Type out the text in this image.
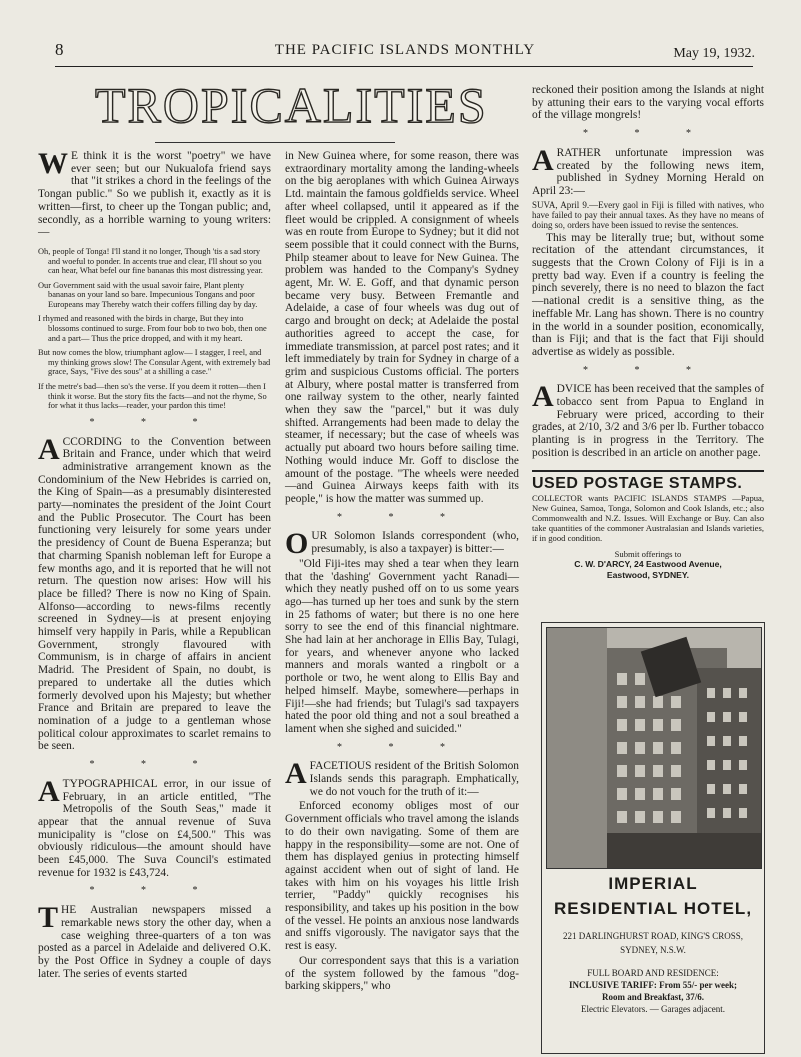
8	THE PACIFIC ISLANDS MONTHLY	May 19, 1932.
TROPICALITIES

W E think it is the worst "poetry" we have ever seen; but our Nukualofa friend says that "it strikes a chord in the feelings of the Tongan public." So we publish it, exactly as it is written—first, to cheer up the Tongan public; and, secondly, as a horrible warning to young writers:—

Oh, people of Tonga! I'll stand it no longer, Though 'tis a sad story and woeful to ponder. In accents true and clear, I'll shout so you can hear, What befel our fine bananas this most distressing year.

Our Government said with the usual savoir faire, Plant plenty bananas on your land so bare. Impecunious Tongans and poor Europeans may Thereby watch their coffers filling day by day.

I rhymed and reasoned with the birds in charge, But they into blossoms continued to surge. From four bob to two bob, then one and a part— Thus the price dropped, and with it my heart.

But now comes the blow, triumphant aglow— I stagger, I reel, and my thinking grows slow! The Consular Agent, with extremely bad grace, Says, "Five des sous" at a shilling a case."

If the metre's bad—then so's the verse. If you deem it rotten—then I think it worse. But the story fits the facts—and not the rhyme, So for what it thus lacks—reader, your pardon this time!

* * *

ACCORDING to the Convention between Britain and France, under which that weird administrative arrangement known as the Condominium of the New Hebrides is carried on, the King of Spain—as a presumably disinterested party—nominates the president of the Joint Court and the Public Prosecutor. The Court has been functioning very leisurely for some years under the presidency of Count de Buena Esperanza; but that charming Spanish nobleman left for Europe a few months ago, and it is reported that he will not return. The question now arises: How will his place be filled? There is now no King of Spain. Alfonso—according to news-films recently screened in Sydney—is at present enjoying himself very happily in Paris, while a Republican Government, strongly flavoured with Communism, is in charge of affairs in ancient Madrid. The President of Spain, no doubt, is prepared to undertake all the duties which formerly devolved upon his Majesty; but whether France and Britain are prepared to leave the nomination of a judge to a gentleman whose political colour approximates to scarlet remains to be seen.

* * *

ATYPOGRAPHICAL error, in our issue of February, in an article entitled, "The Metropolis of the South Seas," made it appear that the annual revenue of Suva municipality is "close on £4,500." This was obviously ridiculous—the amount should have been £45,000. The Suva Council's estimated revenue for 1932 is £43,724.

* * *

THE Australian newspapers missed a remarkable news story the other day, when a case weighing three-quarters of a ton was posted as a parcel in Adelaide and delivered O.K. by the Post Office in Sydney a couple of days later. The series of events started

in New Guinea where, for some reason, there was extraordinary mortality among the landing-wheels on the big aeroplanes with which Guinea Airways Ltd. maintain the famous goldfields service. Wheel after wheel collapsed, until it appeared as if the fleet would be crippled. A consignment of wheels was en route from Europe to Sydney; but it did not seem possible that it could connect with the Burns, Philp steamer about to leave for New Guinea. The problem was handed to the Company's Sydney agent, Mr. W. E. Goff, and that dynamic person became very busy. Between Fremantle and Adelaide, a case of four wheels was dug out of cargo and brought on deck; at Adelaide the postal authorities agreed to accept the case, for immediate transmission, at parcel post rates; and it left immediately by train for Sydney in charge of a grim and suspicious Customs official. The porters at Albury, where postal matter is transferred from one railway system to the other, nearly fainted when they saw the "parcel," but it was duly shifted. Arrangements had been made to delay the steamer, if necessary; but the case of wheels was actually put aboard two hours before sailing time. Nothing would induce Mr. Goff to disclose the amount of the postage. "The wheels were needed—and Guinea Airways keeps faith with its people," is how the matter was summed up.

* * *

OUR Solomon Islands correspondent (who, presumably, is also a taxpayer) is bitter:—

"Old Fiji-ites may shed a tear when they learn that the 'dashing' Government yacht Ranadi—which they neatly pushed off on to us some years ago—has turned up her toes and sunk by the stern in 25 fathoms of water; but there is no one here sorry to see the end of this financial nightmare. She had lain at her anchorage in Ellis Bay, Tulagi, for years, and whenever anyone who lacked manners and morals wanted a ringbolt or a porthole or two, he went along to Ellis Bay and helped himself. Maybe, somewhere—perhaps in Fiji!—she had friends; but Tulagi's sad taxpayers hated the poor old thing and not a soul breathed a lament when she sighed and suicided."

* * *

AFACETIOUS resident of the British Solomon Islands sends this paragraph. Emphatically, we do not vouch for the truth of it:—

Enforced economy obliges most of our Government officials who travel among the islands to do their own navigating. Some of them are happy in the responsibility—some are not. One of them has displayed genius in protecting himself against accident when out of sight of land. He takes with him on his voyages his little Irish terrier, "Paddy" quickly recognises his responsibility, and takes up his position in the bow of the vessel. He points an anxious nose landwards and sniffs vigorously. The navigator says that the rest is easy.

Our correspondent says that this is a variation of the system followed by the famous "dog-barking skippers," who

reckoned their position among the Islands at night by attuning their ears to the varying vocal efforts of the village mongrels!

* * *

ARATHER unfortunate impression was created by the following news item, published in Sydney Morning Herald on April 23:—

SUVA, April 9.—Every gaol in Fiji is filled with natives, who have failed to pay their annual taxes. As they have no means of doing so, orders have been issued to revise the sentences.

This may be literally true; but, without some recitation of the attendant circumstances, it suggests that the Crown Colony of Fiji is in a pretty bad way. Even if a country is feeling the pinch severely, there is no need to blazon the fact—national credit is a sensitive thing, as the ineffable Mr. Lang has shown. There is no country in the world in a sounder position, economically, than is Fiji; and that is the fact that Fiji should advertise as widely as possible.

* * *

ADVICE has been received that the samples of tobacco sent from Papua to England in February were priced, according to their grades, at 2/10, 3/2 and 3/6 per lb. Further tobacco planting is in progress in the Territory. The position is described in an article on another page.

USED POSTAGE STAMPS.
COLLECTOR wants PACIFIC ISLANDS STAMPS —Papua, New Guinea, Samoa, Tonga, Solomon and Cook Islands, etc.; also Commonwealth and N.Z. Issues. Will Exchange or Buy. Can also take quantities of the commoner Australasian and Islands varieties, if in good condition.
Submit offerings to
C. W. D'ARCY, 24 Eastwood Avenue,
Eastwood, SYDNEY.
IMPERIAL
RESIDENTIAL HOTEL,
221 DARLINGHURST ROAD, KING'S CROSS,
SYDNEY, N.S.W.
FULL BOARD AND RESIDENCE:
INCLUSIVE TARIFF: From 55/- per week;
Room and Breakfast, 37/6.
Electric Elevators. — Garages adjacent.
